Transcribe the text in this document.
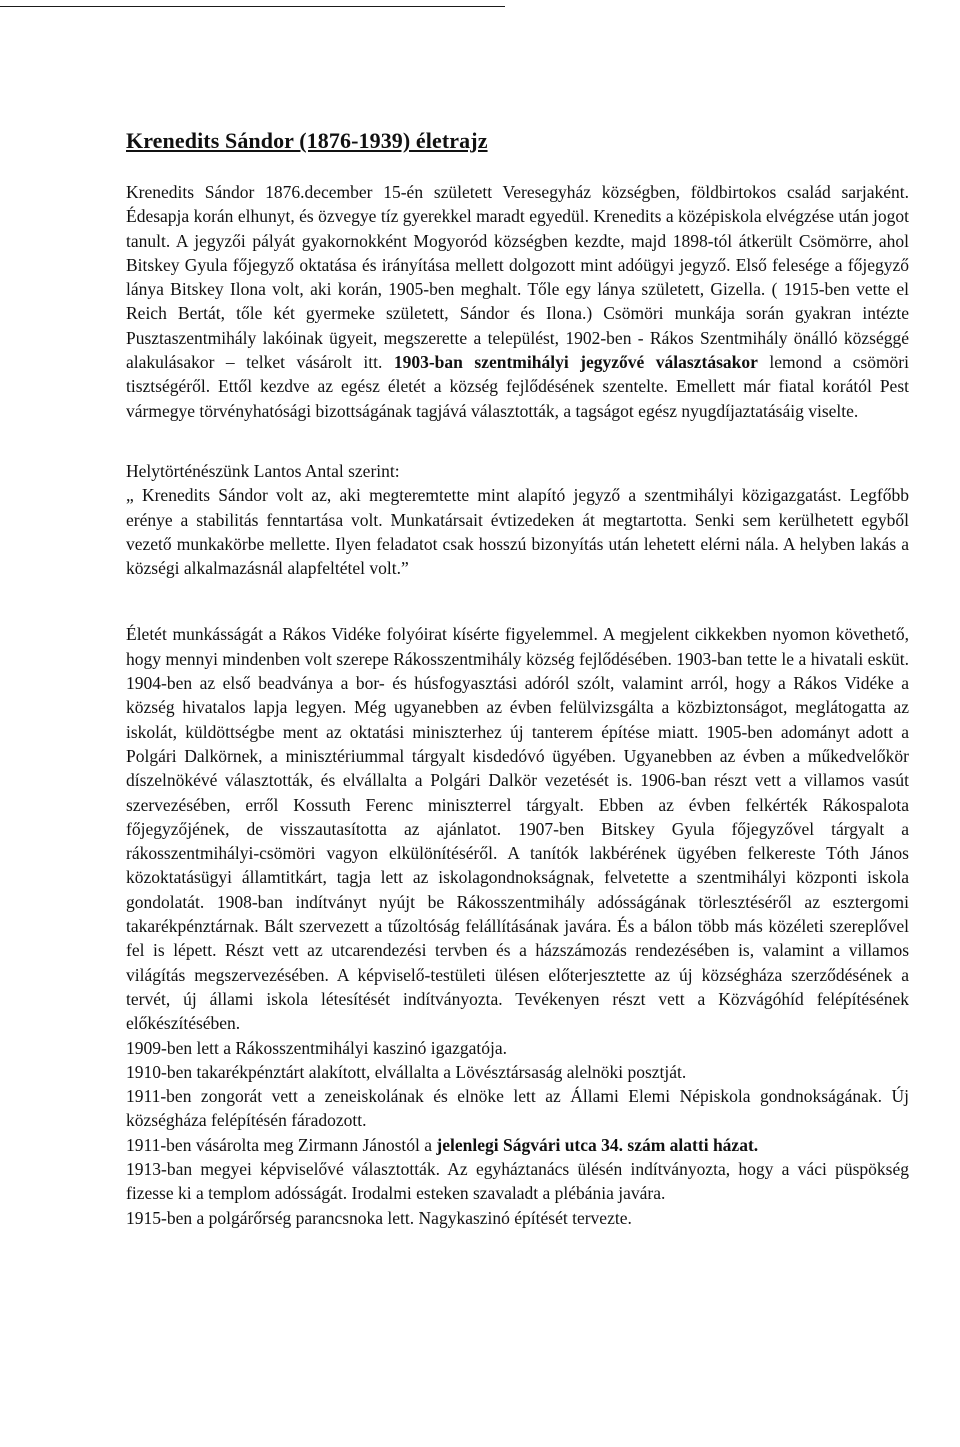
Krenedits Sándor (1876-1939) életrajz

Krenedits Sándor 1876.december 15-én született Veresegyház községben, földbirtokos család sarjaként. Édesapja korán elhunyt, és özvegye tíz gyerekkel maradt egyedül. Krenedits a középiskola elvégzése után jogot tanult. A jegyzői pályát gyakornokként Mogyoród községben kezdte, majd 1898-tól átkerült Csömörre, ahol Bitskey Gyula főjegyző oktatása és irányítása mellett dolgozott mint adóügyi jegyző. Első felesége a főjegyző lánya Bitskey Ilona volt, aki korán, 1905-ben meghalt. Tőle egy lánya született, Gizella. ( 1915-ben vette el Reich Bertát, tőle két gyermeke született, Sándor és Ilona.) Csömöri munkája során gyakran intézte Pusztaszentmihály lakóinak ügyeit, megszerette a települést, 1902-ben - Rákos Szentmihály önálló községgé alakulásakor – telket vásárolt itt. 1903-ban szentmihályi jegyzővé választásakor lemond a csömöri tisztségéről. Ettől kezdve az egész életét a község fejlődésének szentelte. Emellett már fiatal korától Pest vármegye törvényhatósági bizottságának tagjává választották, a tagságot egész nyugdíjaztatásáig viselte.

Helytörténészünk Lantos Antal szerint:

„ Krenedits Sándor volt az, aki megteremtette mint alapító jegyző a szentmihályi közigazgatást. Legfőbb erénye a stabilitás fenntartása volt. Munkatársait évtizedeken át megtartotta. Senki sem kerülhetett egyből vezető munkakörbe mellette. Ilyen feladatot csak hosszú bizonyítás után lehetett elérni nála. A helyben lakás a községi alkalmazásnál alapfeltétel volt.”

Életét munkásságát a Rákos Vidéke folyóirat kísérte figyelemmel. A megjelent cikkekben nyomon követhető, hogy mennyi mindenben volt szerepe Rákosszentmihály község fejlődésében. 1903-ban tette le a hivatali esküt. 1904-ben az első beadványa a bor- és húsfogyasztási adóról szólt, valamint arról, hogy a Rákos Vidéke a község hivatalos lapja legyen. Még ugyanebben az évben felülvizsgálta a közbiztonságot, meglátogatta az iskolát, küldöttségbe ment az oktatási miniszterhez új tanterem építése miatt. 1905-ben adományt adott a Polgári Dalkörnek, a minisztériummal tárgyalt kisdedóvó ügyében. Ugyanebben az évben a műkedvelőkör díszelnökévé választották, és elvállalta a Polgári Dalkör vezetését is. 1906-ban részt vett a villamos vasút szervezésében, erről Kossuth Ferenc miniszterrel tárgyalt. Ebben az évben felkérték Rákospalota főjegyzőjének, de visszautasította az ajánlatot. 1907-ben Bitskey Gyula főjegyzővel tárgyalt a rákosszentmihályi-csömöri vagyon elkülönítéséről. A tanítók lakbérének ügyében felkereste Tóth János közoktatásügyi államtitkárt, tagja lett az iskolagondnokságnak, felvetette a szentmihályi központi iskola gondolatát. 1908-ban indítványt nyújt be Rákosszentmihály adósságának törlesztéséről az esztergomi takarékpénztárnak. Bált szervezett a tűzoltóság felállításának javára. És a bálon több más közéleti szereplővel fel is lépett. Részt vett az utcarendezési tervben és a házszámozás rendezésében is, valamint a villamos világítás megszervezésében. A képviselő-testületi ülésen előterjesztette az új községháza szerződésének a tervét, új állami iskola létesítését indítványozta. Tevékenyen részt vett a Közvágóhíd felépítésének előkészítésében.

1909-ben lett a Rákosszentmihályi kaszinó igazgatója.

1910-ben takarékpénztárt alakított, elvállalta a Lövésztársaság alelnöki posztját.

1911-ben zongorát vett a zeneiskolának és elnöke lett az Állami Elemi Népiskola gondnokságának. Új községháza felépítésén fáradozott.

1911-ben vásárolta meg Zirmann Jánostól a jelenlegi Ságvári utca 34. szám alatti házat.

1913-ban megyei képviselővé választották. Az egyháztanács ülésén indítványozta, hogy a váci püspökség fizesse ki a templom adósságát. Irodalmi esteken szavaladt a plébánia javára.

1915-ben a polgárőrség parancsnoka lett. Nagykaszinó építését tervezte.
